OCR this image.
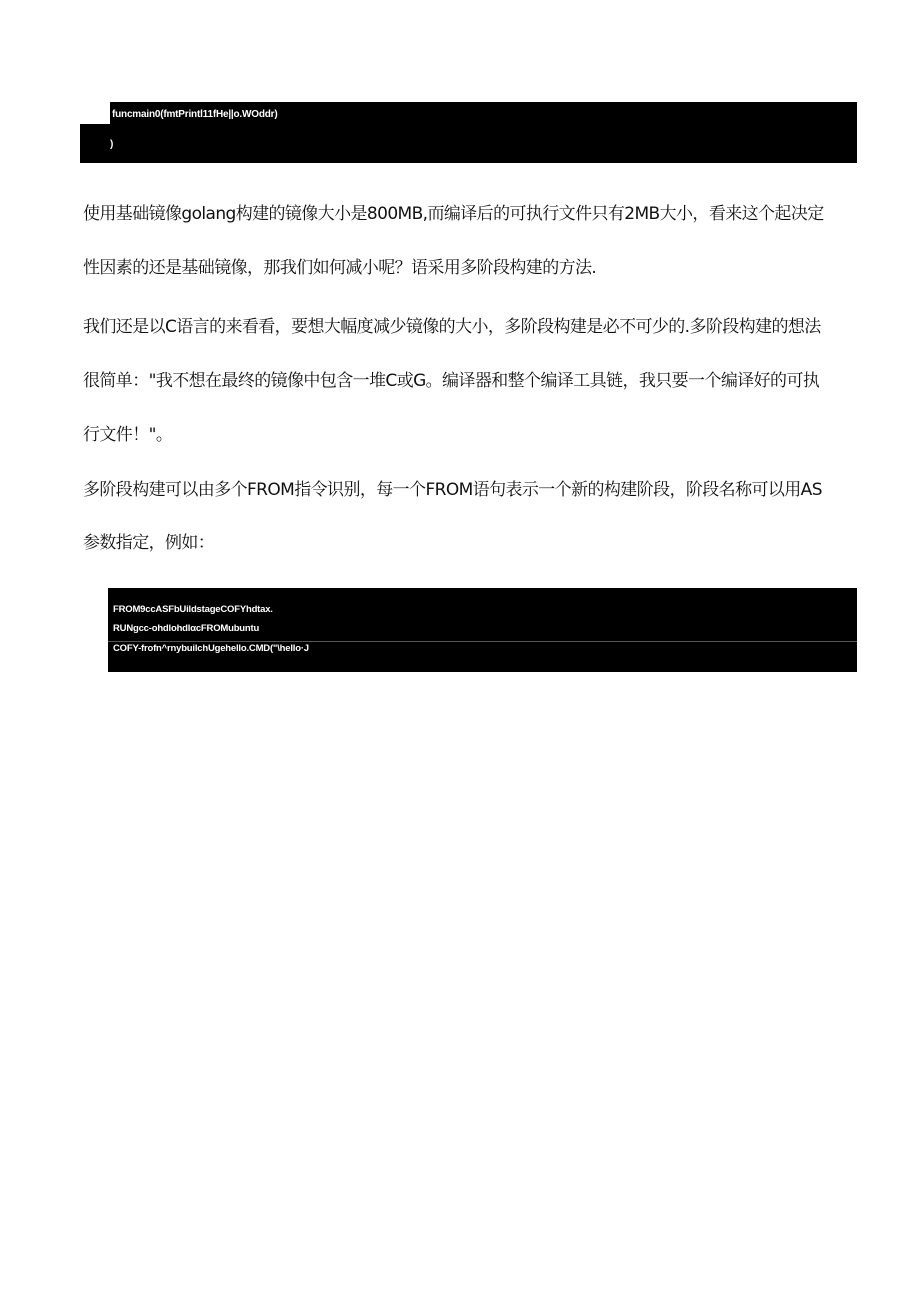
funcmain0(fmtPrintl11fHe||o.WOddr)
)
使用基础镜像golang构建的镜像大小是800MB,而编译后的可执行文件只有2MB大小，看来这个起决定
性因素的还是基础镜像，那我们如何减小呢？语采用多阶段构建的方法.
我们还是以C语言的来看看，要想大幅度减少镜像的大小，多阶段构建是必不可少的.多阶段构建的想法
很简单："我不想在最终的镜像中包含一堆C或G。编译器和整个编译工具链，我只要一个编译好的可执
行文件！"。
多阶段构建可以由多个FROM指令识别，每一个FROM语句表示一个新的构建阶段，阶段名称可以用AS
参数指定，例如：
FROM9ccASFbUildstageCOFYhdtax.
RUNgcc-ohdlohdlαcFROMubuntu
COFY-frofn^rnybuilchUgehello.CMD("\hello·J
